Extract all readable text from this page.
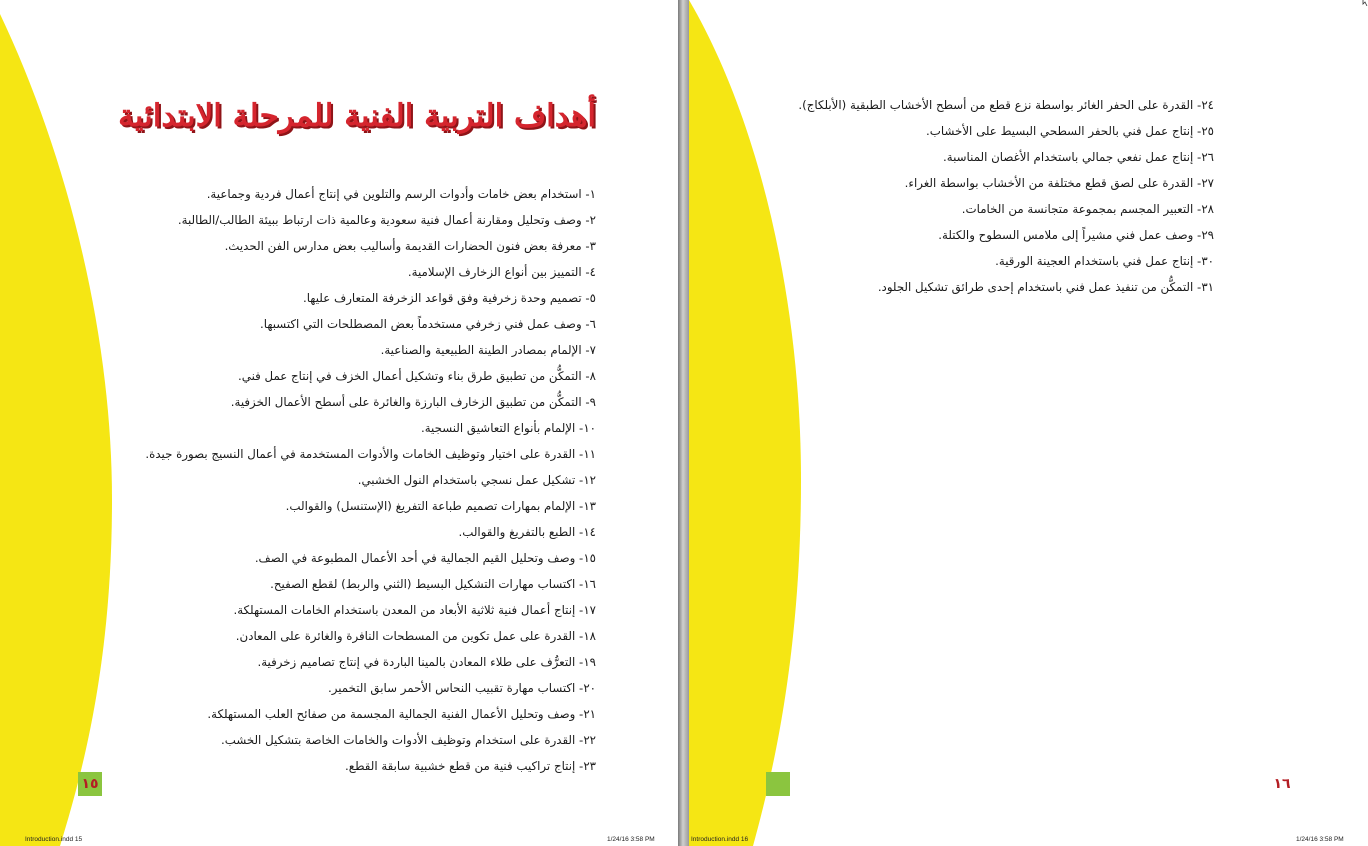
أهداف التربية الفنية للمرحلة الابتدائية
١- استخدام بعض خامات وأدوات الرسم والتلوين في إنتاج أعمال فردية وجماعية.
٢- وصف وتحليل ومقارنة أعمال فنية سعودية وعالمية ذات ارتباط ببيئة الطالب/الطالبة.
٣- معرفة بعض فنون الحضارات القديمة وأساليب بعض مدارس الفن الحديث.
٤- التمييز بين أنواع الزخارف الإسلامية.
٥- تصميم وحدة زخرفية وفق قواعد الزخرفة المتعارف عليها.
٦- وصف عمل فني زخرفي مستخدماً بعض المصطلحات التي اكتسبها.
٧- الإلمام بمصادر الطينة الطبيعية والصناعية.
٨- التمكُّن من تطبيق طرق بناء وتشكيل أعمال الخزف في إنتاج عمل فني.
٩- التمكُّن من تطبيق الزخارف البارزة والغائرة على أسطح الأعمال الخزفية.
١٠- الإلمام بأنواع التعاشيق النسجية.
١١- القدرة على اختيار وتوظيف الخامات والأدوات المستخدمة في أعمال النسيج بصورة جيدة.
١٢- تشكيل عمل نسجي باستخدام النول الخشبي.
١٣- الإلمام بمهارات تصميم طباعة التفريغ (الإستنسل) والقوالب.
١٤- الطبع بالتفريغ والقوالب.
١٥- وصف وتحليل القيم الجمالية في أحد الأعمال المطبوعة في الصف.
١٦- اكتساب مهارات التشكيل البسيط (الثني والربط) لقطع الصفيح.
١٧- إنتاج أعمال فنية ثلاثية الأبعاد من المعدن باستخدام الخامات المستهلكة.
١٨- القدرة على عمل تكوين من المسطحات النافرة والغائرة على المعادن.
١٩- التعرُّف على طلاء المعادن بالمينا الباردة في إنتاج تصاميم زخرفية.
٢٠- اكتساب مهارة تقبيب النحاس الأحمر سابق التخمير.
٢١- وصف وتحليل الأعمال الفنية الجمالية المجسمة من صفائح العلب المستهلكة.
٢٢- القدرة على استخدام وتوظيف الأدوات والخامات الخاصة بتشكيل الخشب.
٢٣- إنتاج تراكيب فنية من قطع خشبية سابقة القطع.
١٥
Introduction.indd 15	1/24/16 3:58 PM
٢٤- القدرة على الحفر الغائر بواسطة نزع قطع من أسطح الأخشاب الطبقية (الأبلكاج).
٢٥- إنتاج عمل فني بالحفر السطحي البسيط على الأخشاب.
٢٦- إنتاج عمل نفعي جمالي باستخدام الأغصان المناسبة.
٢٧- القدرة على لصق قطع مختلفة من الأخشاب بواسطة الغراء.
٢٨- التعبير المجسم بمجموعة متجانسة من الخامات.
٢٩- وصف عمل فني مشيراً إلى ملامس السطوح والكتلة.
٣٠- إنتاج عمل فني باستخدام العجينة الورقية.
٣١- التمكُّن من تنفيذ عمل فني باستخدام إحدى طرائق تشكيل الجلود.
١٦
Introduction.indd 16	1/24/16 3:58 PM
